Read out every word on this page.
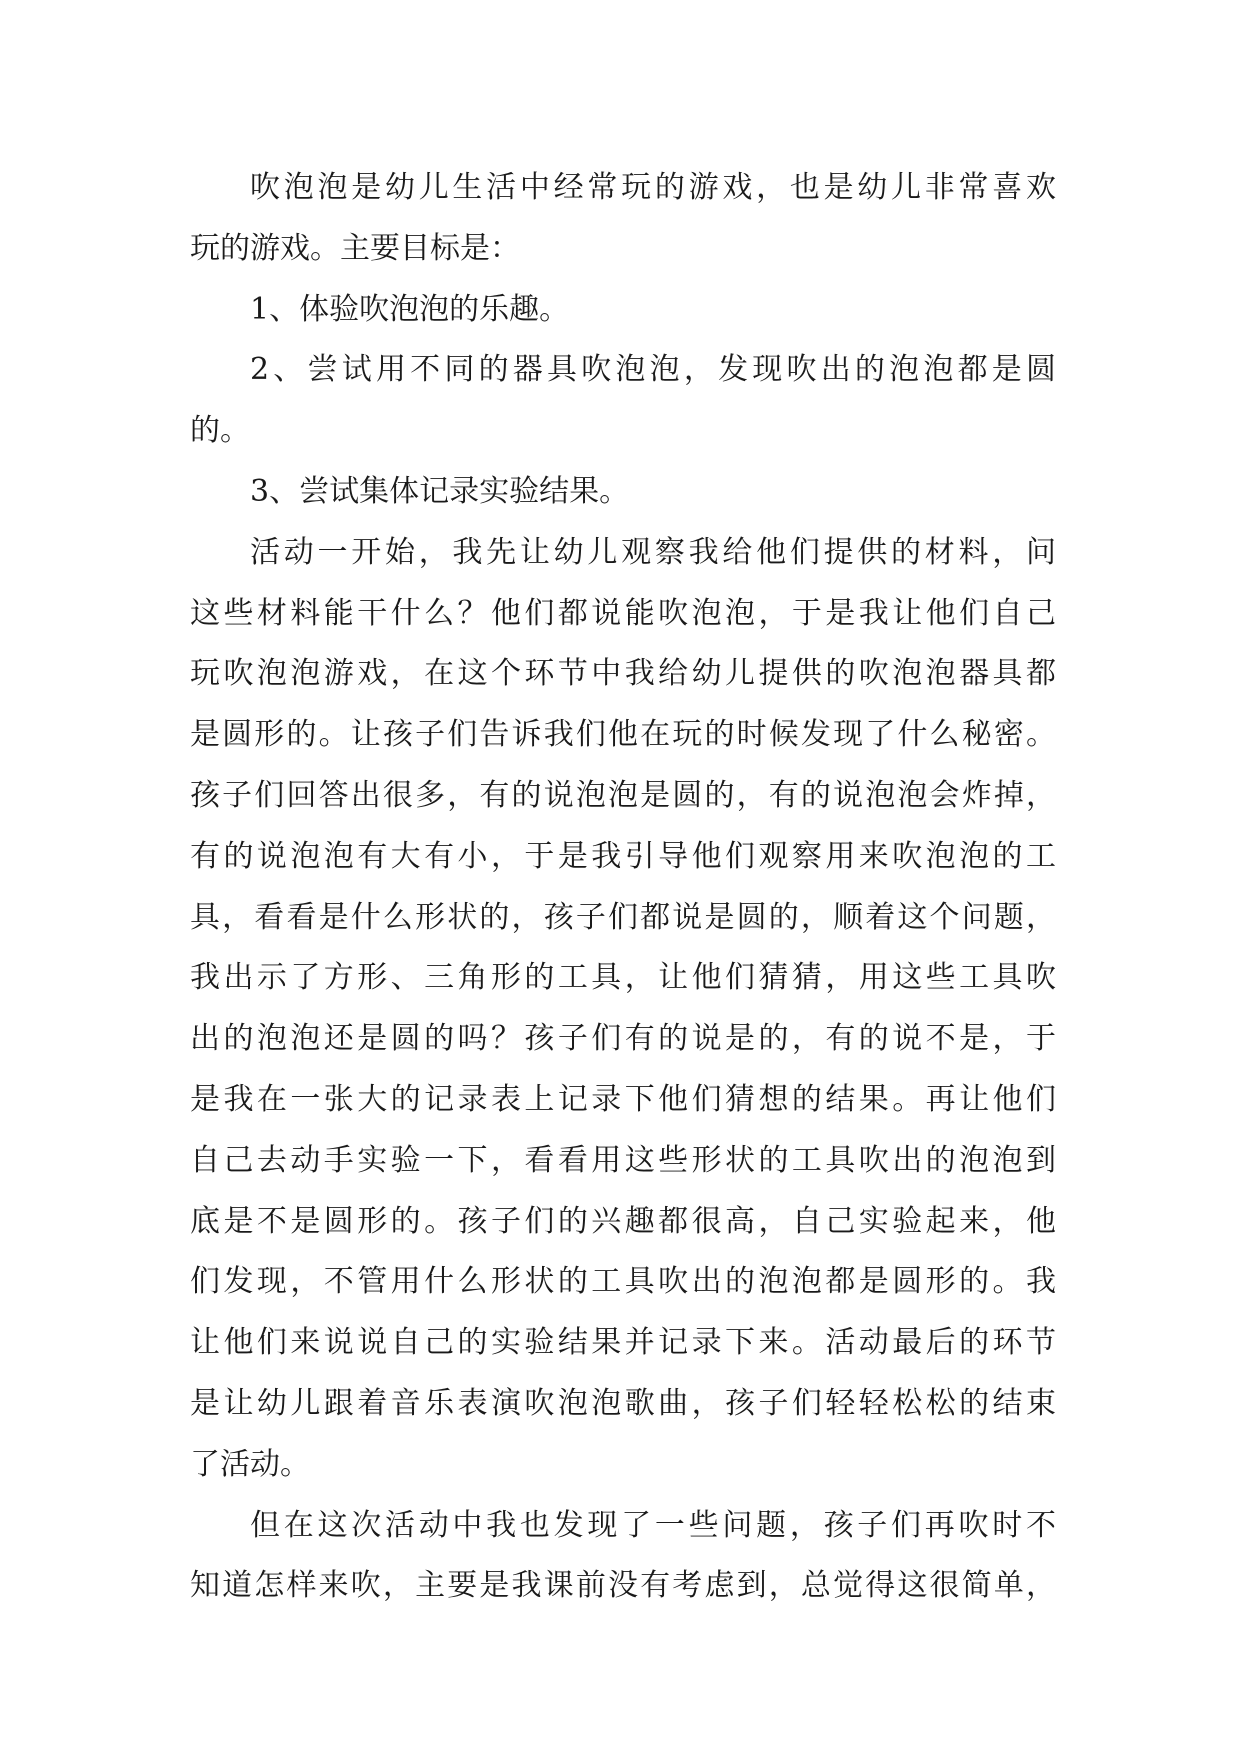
吹泡泡是幼儿生活中经常玩的游戏，也是幼儿非常喜欢
玩的游戏。主要目标是：
1、体验吹泡泡的乐趣。
2、尝试用不同的器具吹泡泡，发现吹出的泡泡都是圆
的。
3、尝试集体记录实验结果。
活动一开始，我先让幼儿观察我给他们提供的材料，问
这些材料能干什么？他们都说能吹泡泡，于是我让他们自己
玩吹泡泡游戏，在这个环节中我给幼儿提供的吹泡泡器具都
是圆形的。让孩子们告诉我们他在玩的时候发现了什么秘密。
孩子们回答出很多，有的说泡泡是圆的，有的说泡泡会炸掉，
有的说泡泡有大有小，于是我引导他们观察用来吹泡泡的工
具，看看是什么形状的，孩子们都说是圆的，顺着这个问题，
我出示了方形、三角形的工具，让他们猜猜，用这些工具吹
出的泡泡还是圆的吗？孩子们有的说是的，有的说不是，于
是我在一张大的记录表上记录下他们猜想的结果。再让他们
自己去动手实验一下，看看用这些形状的工具吹出的泡泡到
底是不是圆形的。孩子们的兴趣都很高，自己实验起来，他
们发现，不管用什么形状的工具吹出的泡泡都是圆形的。我
让他们来说说自己的实验结果并记录下来。活动最后的环节
是让幼儿跟着音乐表演吹泡泡歌曲，孩子们轻轻松松的结束
了活动。
但在这次活动中我也发现了一些问题，孩子们再吹时不
知道怎样来吹，主要是我课前没有考虑到，总觉得这很简单，
